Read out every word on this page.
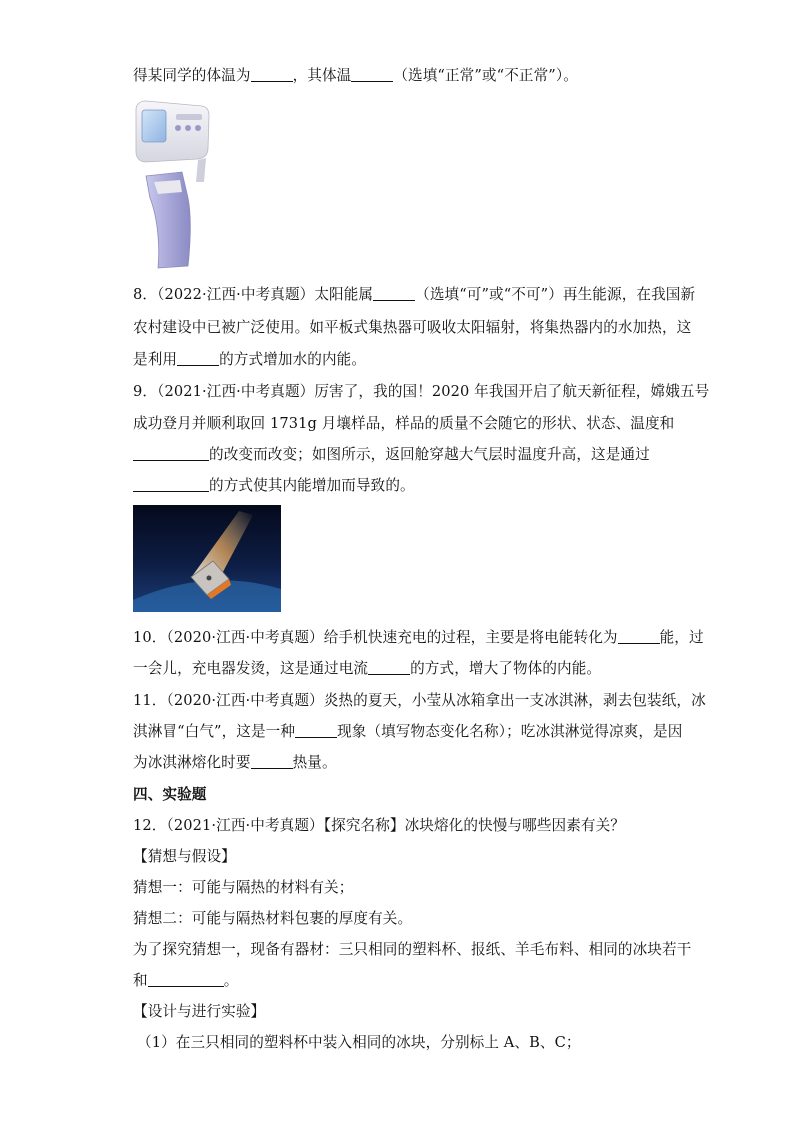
得某同学的体温为	，其体温	（选填“正常”或“不正常”）。
8．（2022·江西·中考真题）太阳能属	（选填“可”或“不可”）再生能源，在我国新
农村建设中已被广泛使用。如平板式集热器可吸收太阳辐射，将集热器内的水加热，这
是利用	的方式增加水的内能。
9．（2021·江西·中考真题）厉害了，我的国！2020 年我国开启了航天新征程，嫦娥五号
成功登月并顺利取回 1731g 月壤样品，样品的质量不会随它的形状、状态、温度和
的改变而改变；如图所示，返回舱穿越大气层时温度升高，这是通过
的方式使其内能增加而导致的。
10．（2020·江西·中考真题）给手机快速充电的过程，主要是将电能转化为	能，过
一会儿，充电器发烫，这是通过电流	的方式，增大了物体的内能。
11．（2020·江西·中考真题）炎热的夏天，小莹从冰箱拿出一支冰淇淋，剥去包装纸，冰
淇淋冒“白气”，这是一种	现象（填写物态变化名称）；吃冰淇淋觉得凉爽，是因
为冰淇淋熔化时要	热量。
四、实验题
12．（2021·江西·中考真题）【探究名称】冰块熔化的快慢与哪些因素有关？
【猜想与假设】
猜想一：可能与隔热的材料有关；
猜想二：可能与隔热材料包裹的厚度有关。
为了探究猜想一，现备有器材：三只相同的塑料杯、报纸、羊毛布料、相同的冰块若干
和	。
【设计与进行实验】
（1）在三只相同的塑料杯中装入相同的冰块，分别标上 A、B、C；
